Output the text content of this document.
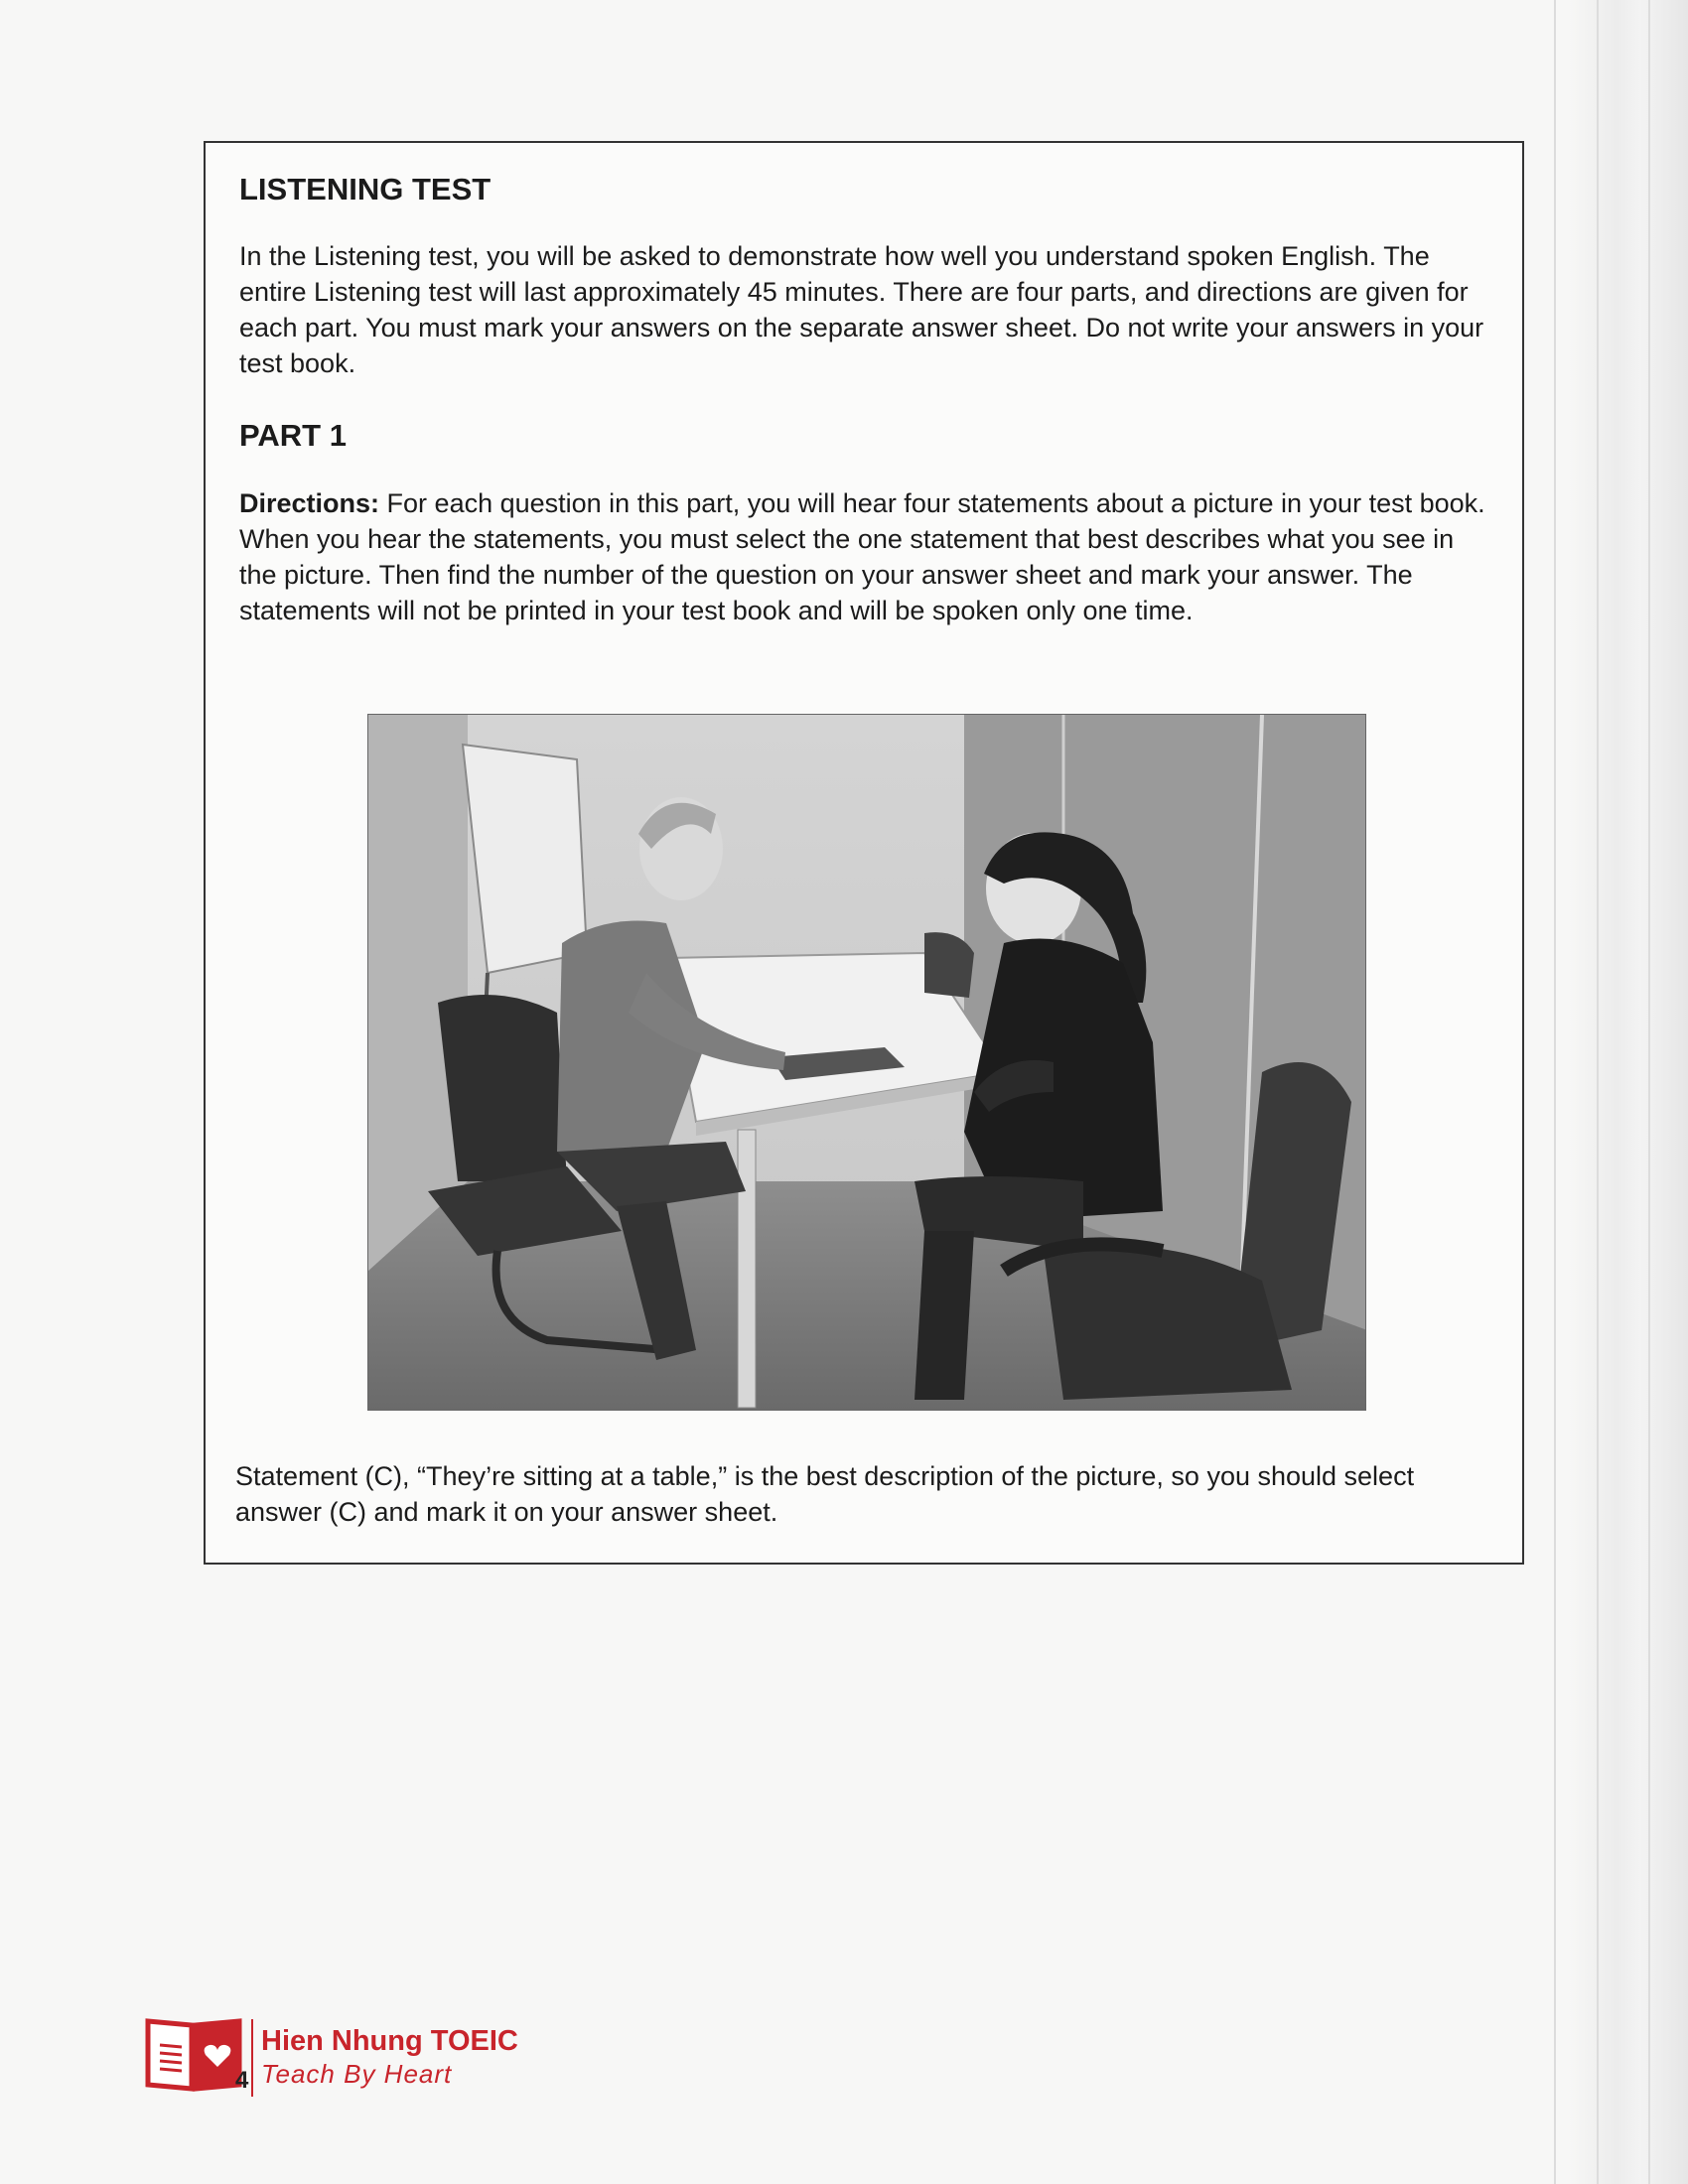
LISTENING TEST

In the Listening test, you will be asked to demonstrate how well you understand spoken English. The entire Listening test will last approximately 45 minutes. There are four parts, and directions are given for each part. You must mark your answers on the separate answer sheet. Do not write your answers in your test book.

PART 1

Directions: For each question in this part, you will hear four statements about a picture in your test book. When you hear the statements, you must select the one statement that best describes what you see in the picture. Then find the number of the question on your answer sheet and mark your answer. The statements will not be printed in your test book and will be spoken only one time.

Statement (C), “They’re sitting at a table,” is the best description of the picture, so you should select answer (C) and mark it on your answer sheet.

4
Hien Nhung TOEIC
Teach By Heart
